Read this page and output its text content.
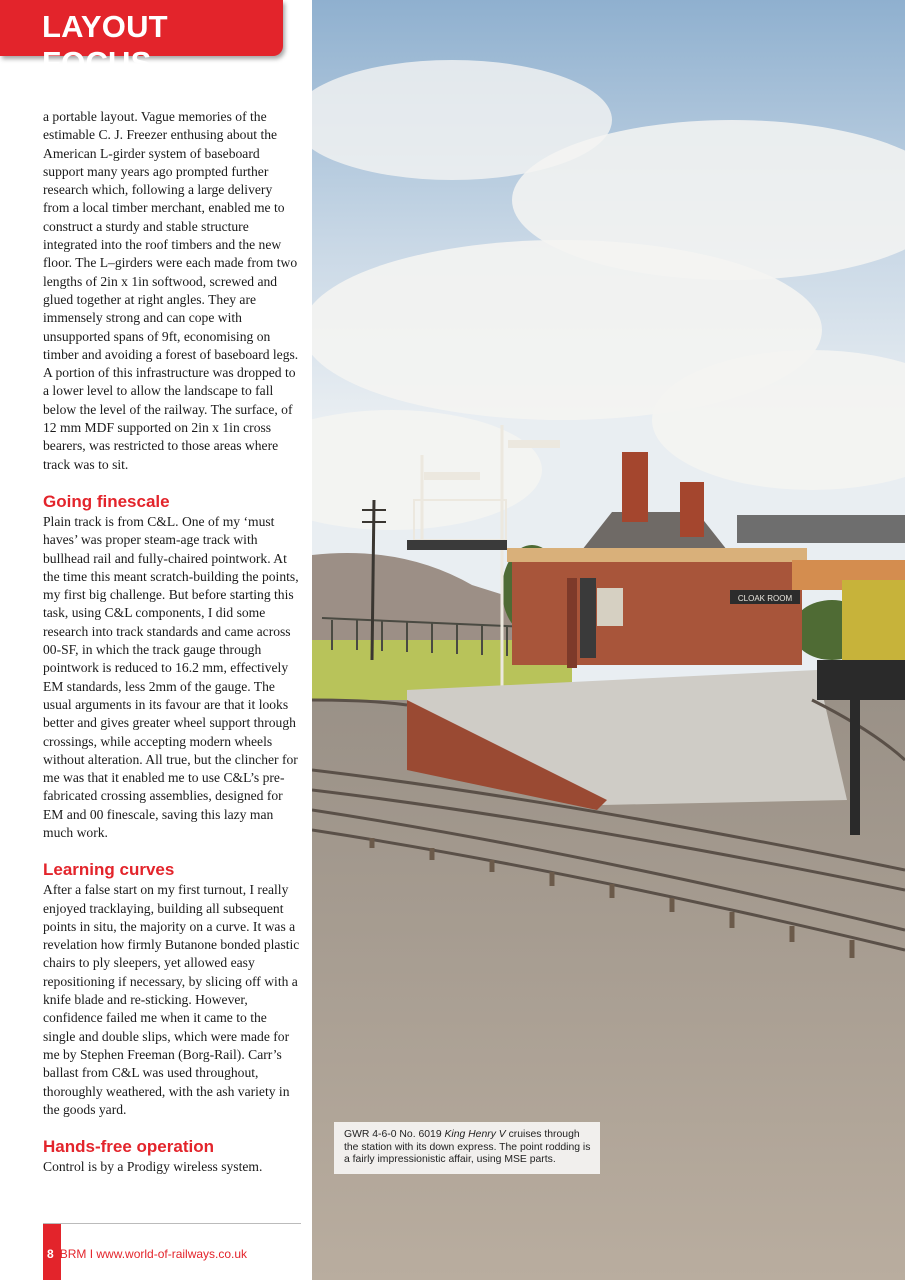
LAYOUT FOCUS

a portable layout. Vague memories of the estimable C. J. Freezer enthusing about the American L-girder system of baseboard support many years ago prompted further research which, following a large delivery from a local timber merchant, enabled me to construct a sturdy and stable structure integrated into the roof timbers and the new floor. The L–girders were each made from two lengths of 2in x 1in softwood, screwed and glued together at right angles. They are immensely strong and can cope with unsupported spans of 9ft, economising on timber and avoiding a forest of baseboard legs. A portion of this infrastructure was dropped to a lower level to allow the landscape to fall below the level of the railway. The surface, of 12 mm MDF supported on 2in x 1in cross bearers, was restricted to those areas where track was to sit.

Going finescale

Plain track is from C&L. One of my ‘must haves’ was proper steam-age track with bullhead rail and fully-chaired pointwork. At the time this meant scratch-building the points, my first big challenge. But before starting this task, using C&L components, I did some research into track standards and came across 00-SF, in which the track gauge through pointwork is reduced to 16.2 mm, effectively EM standards, less 2mm of the gauge. The usual arguments in its favour are that it looks better and gives greater wheel support through crossings, while accepting modern wheels without alteration. All true, but the clincher for me was that it enabled me to use C&L’s pre-fabricated crossing assemblies, designed for EM and 00 finescale, saving this lazy man much work.

Learning curves

After a false start on my first turnout, I really enjoyed tracklaying, building all subsequent points in situ, the majority on a curve. It was a revelation how firmly Butanone bonded plastic chairs to ply sleepers, yet allowed easy repositioning if necessary, by slicing off with a knife blade and re-sticking. However, confidence failed me when it came to the single and double slips, which were made for me by Stephen Freeman (Borg-Rail). Carr’s ballast from C&L was used throughout, thoroughly weathered, with the ash variety in the goods yard.

Hands-free operation

Control is by a Prodigy wireless system.

8 BRM I www.world-of-railways.co.uk
CLOAK ROOM
GWR 4-6-0 No. 6019 King Henry V cruises through the station with its down express. The point rodding is a fairly impressionistic affair, using MSE parts.
